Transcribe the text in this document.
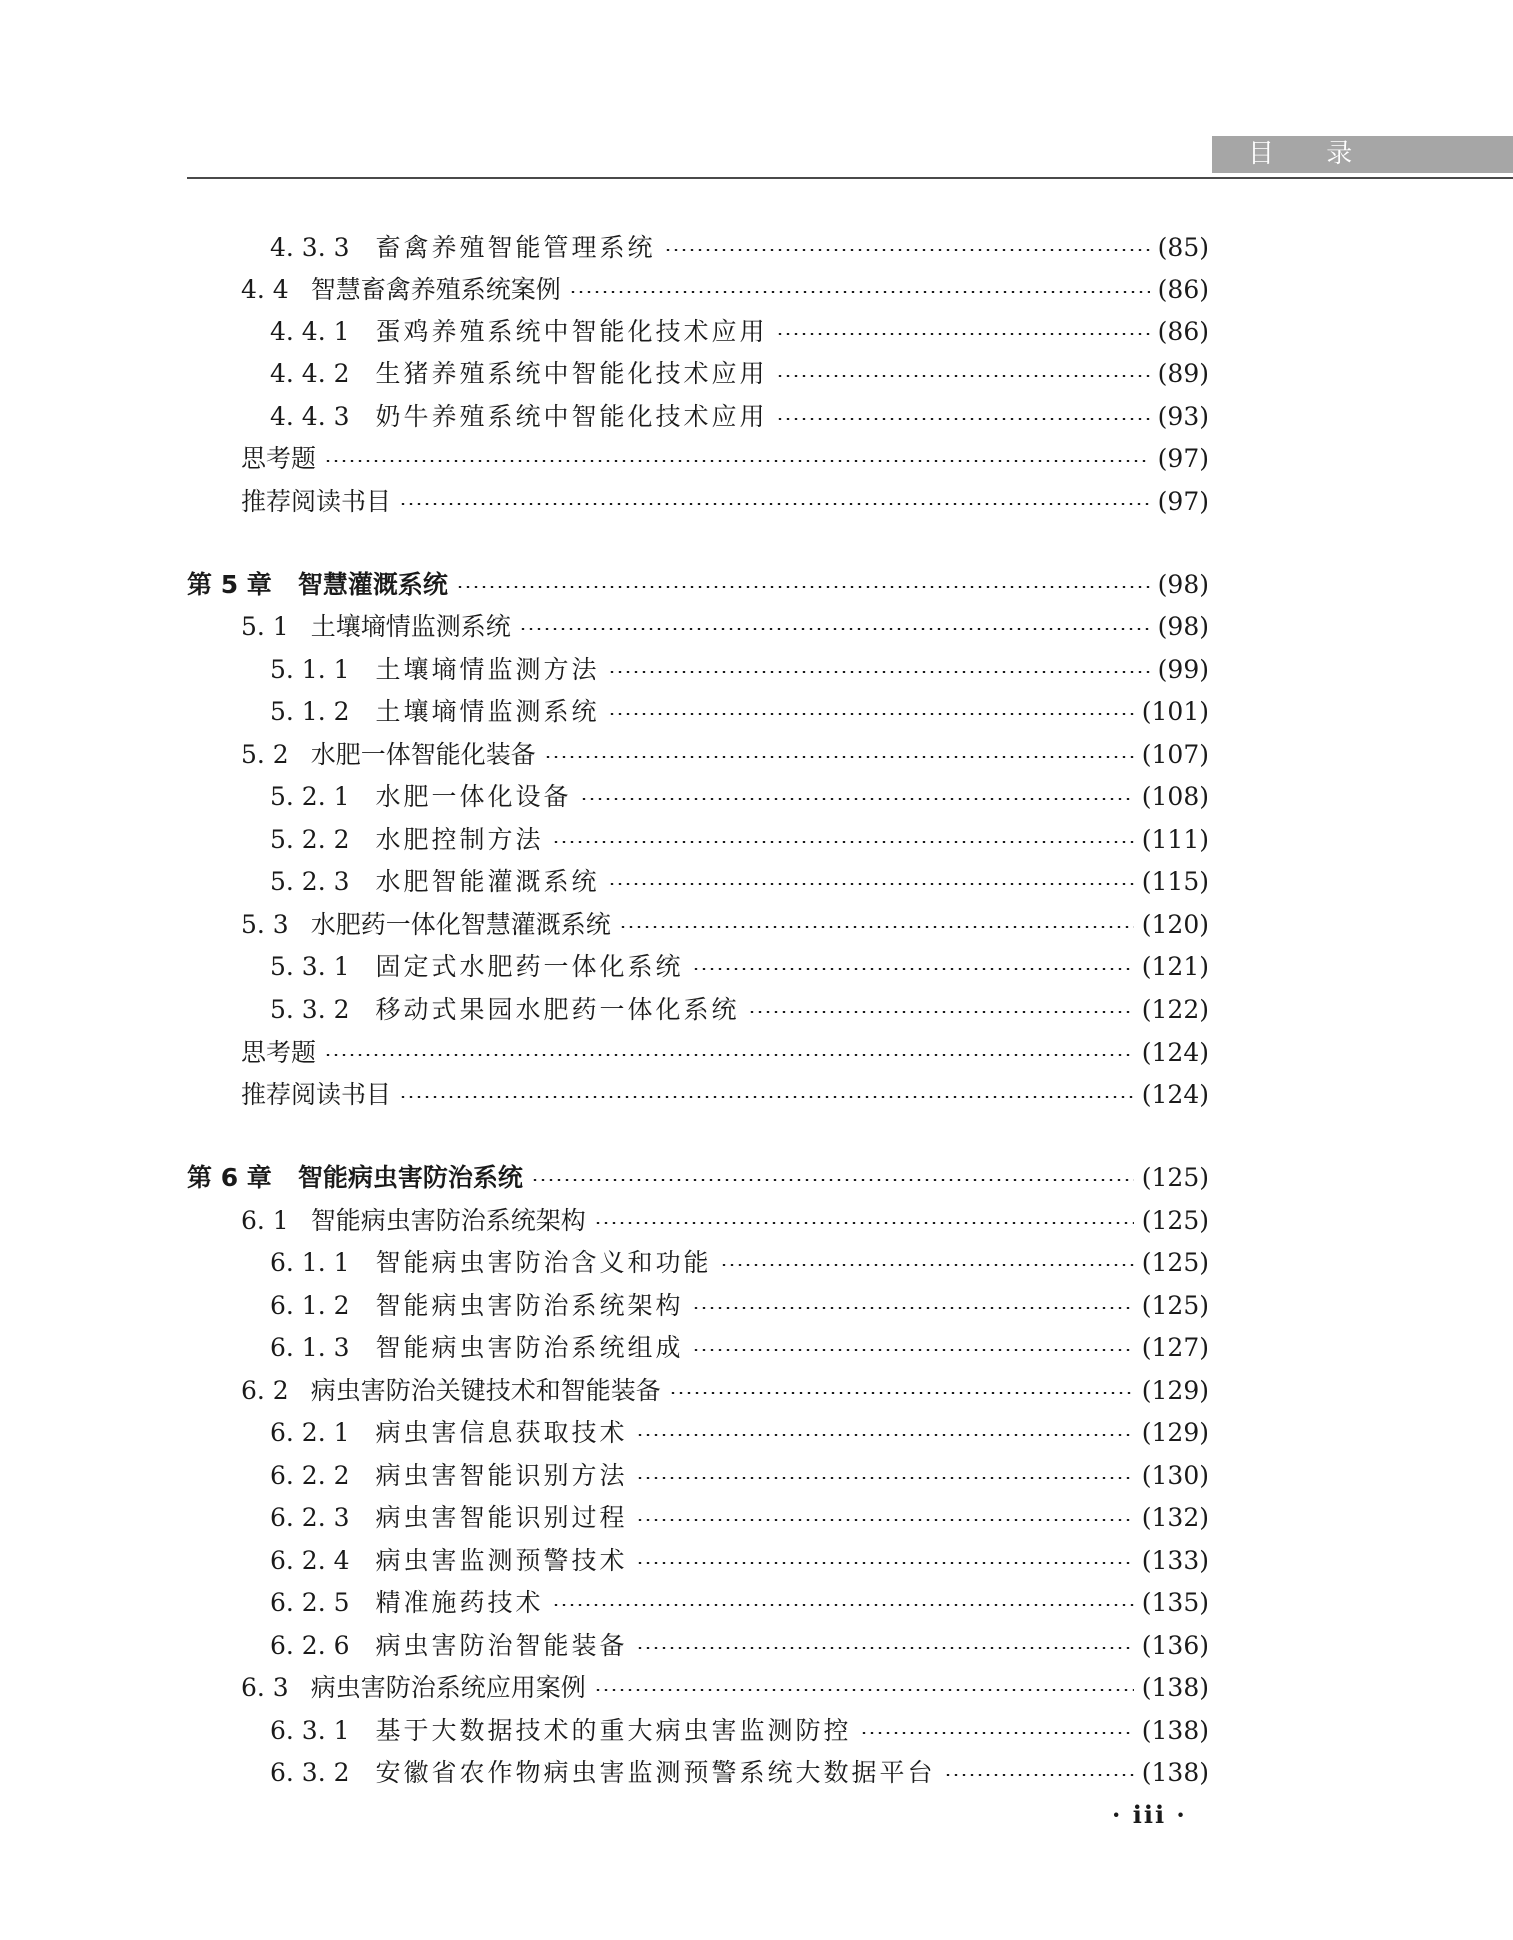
目 录
4. 3. 3 畜禽养殖智能管理系统	(85)
4. 4 智慧畜禽养殖系统案例	(86)
4. 4. 1 蛋鸡养殖系统中智能化技术应用	(86)
4. 4. 2 生猪养殖系统中智能化技术应用	(89)
4. 4. 3 奶牛养殖系统中智能化技术应用	(93)
思考题	(97)
推荐阅读书目	(97)
第 5 章 智慧灌溉系统	(98)
5. 1 土壤墒情监测系统	(98)
5. 1. 1 土壤墒情监测方法	(99)
5. 1. 2 土壤墒情监测系统	(101)
5. 2 水肥一体智能化装备	(107)
5. 2. 1 水肥一体化设备	(108)
5. 2. 2 水肥控制方法	(111)
5. 2. 3 水肥智能灌溉系统	(115)
5. 3 水肥药一体化智慧灌溉系统	(120)
5. 3. 1 固定式水肥药一体化系统	(121)
5. 3. 2 移动式果园水肥药一体化系统	(122)
思考题	(124)
推荐阅读书目	(124)
第 6 章 智能病虫害防治系统	(125)
6. 1 智能病虫害防治系统架构	(125)
6. 1. 1 智能病虫害防治含义和功能	(125)
6. 1. 2 智能病虫害防治系统架构	(125)
6. 1. 3 智能病虫害防治系统组成	(127)
6. 2 病虫害防治关键技术和智能装备	(129)
6. 2. 1 病虫害信息获取技术	(129)
6. 2. 2 病虫害智能识别方法	(130)
6. 2. 3 病虫害智能识别过程	(132)
6. 2. 4 病虫害监测预警技术	(133)
6. 2. 5 精准施药技术	(135)
6. 2. 6 病虫害防治智能装备	(136)
6. 3 病虫害防治系统应用案例	(138)
6. 3. 1 基于大数据技术的重大病虫害监测防控	(138)
6. 3. 2 安徽省农作物病虫害监测预警系统大数据平台	(138)
· iii ·
